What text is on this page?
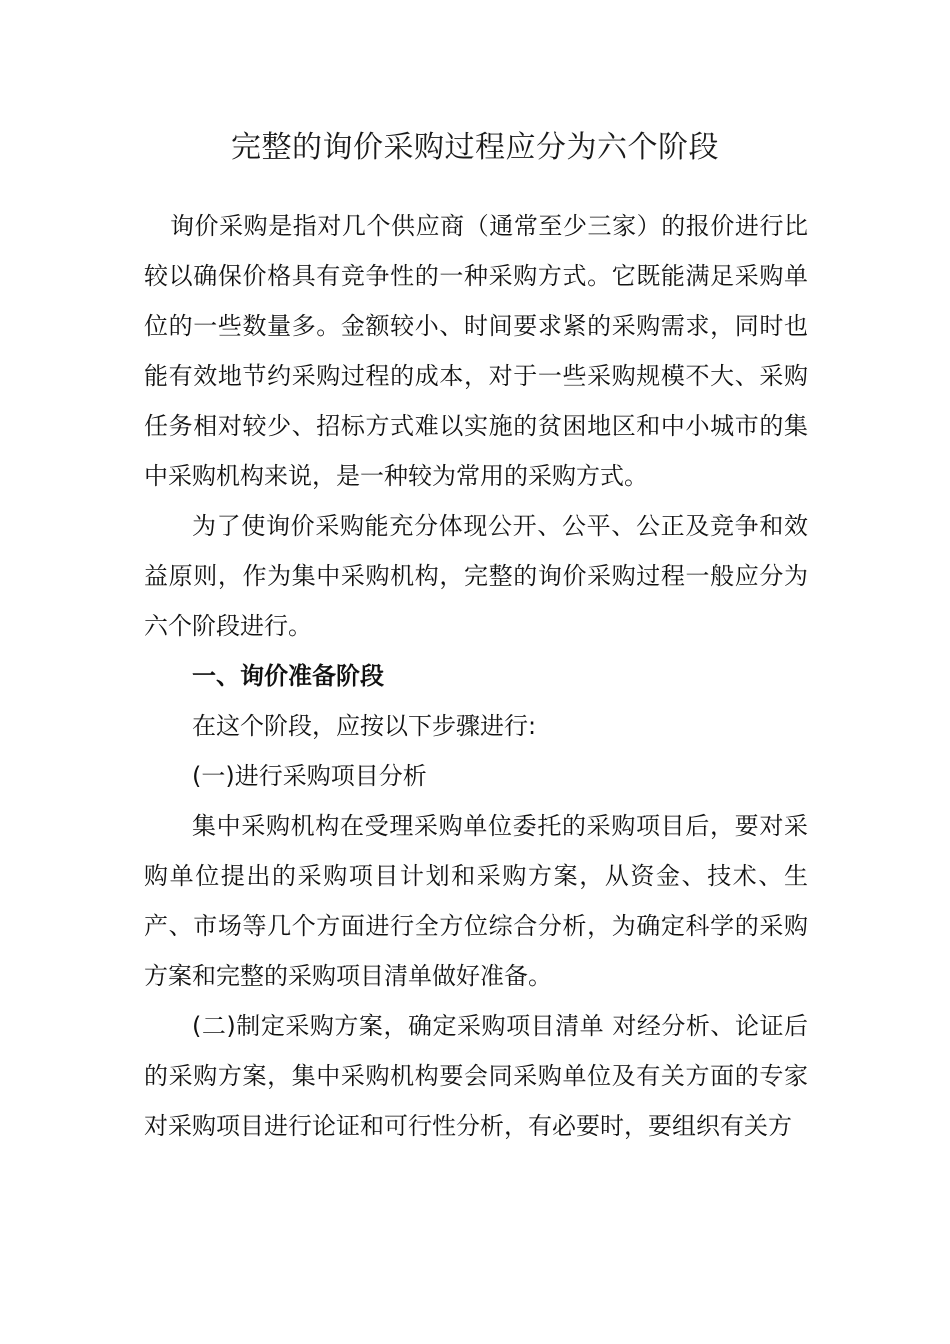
完整的询价采购过程应分为六个阶段

询价采购是指对几个供应商（通常至少三家）的报价进行比较以确保价格具有竞争性的一种采购方式。它既能满足采购单位的一些数量多。金额较小、时间要求紧的采购需求，同时也能有效地节约采购过程的成本，对于一些采购规模不大、采购任务相对较少、招标方式难以实施的贫困地区和中小城市的集中采购机构来说，是一种较为常用的采购方式。

为了使询价采购能充分体现公开、公平、公正及竞争和效益原则，作为集中采购机构，完整的询价采购过程一般应分为六个阶段进行。

一、询价准备阶段

在这个阶段，应按以下步骤进行:

(一)进行采购项目分析

集中采购机构在受理采购单位委托的采购项目后，要对采购单位提出的采购项目计划和采购方案，从资金、技术、生产、市场等几个方面进行全方位综合分析，为确定科学的采购方案和完整的采购项目清单做好准备。

(二)制定采购方案，确定采购项目清单 对经分析、论证后的采购方案，集中采购机构要会同采购单位及有关方面的专家对采购项目进行论证和可行性分析，有必要时，要组织有关方
